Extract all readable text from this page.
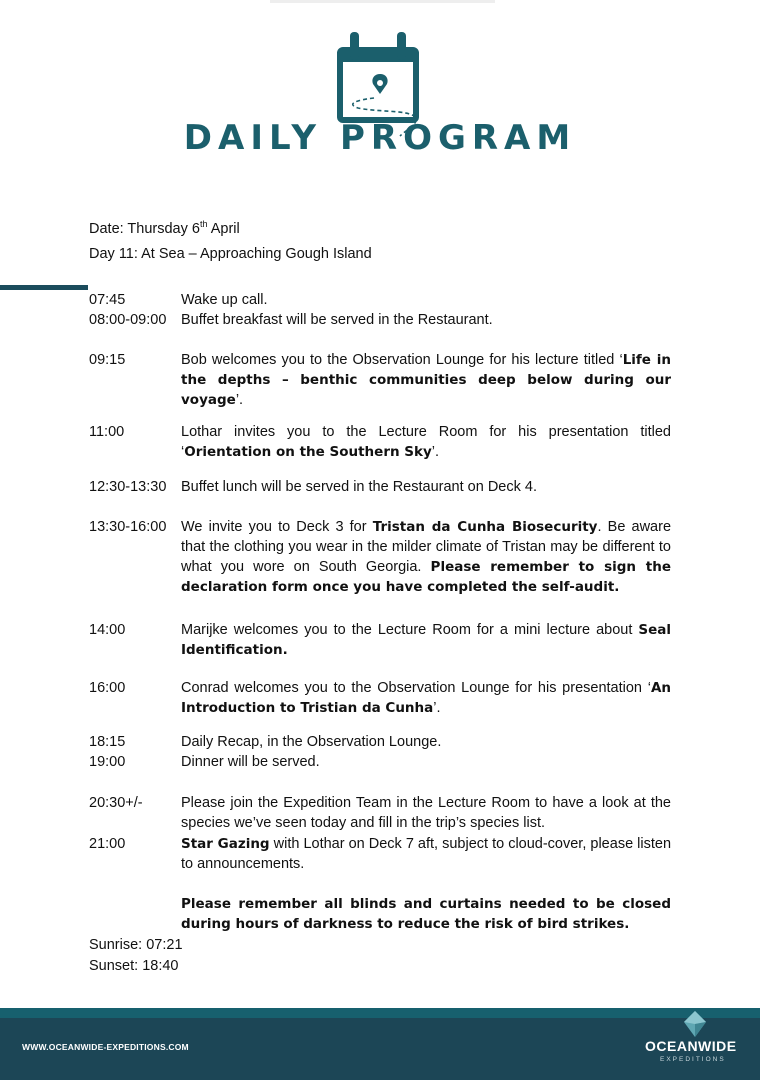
DAILY PROGRAM
Date: Thursday 6th April
Day 11: At Sea – Approaching Gough Island
07:45	Wake up call.
08:00-09:00	Buffet breakfast will be served in the Restaurant.
09:15	Bob welcomes you to the Observation Lounge for his lecture titled ‘Life in the depths – benthic communities deep below during our voyage’.
11:00	Lothar invites you to the Lecture Room for his presentation titled ‘Orientation on the Southern Sky’.
12:30-13:30	Buffet lunch will be served in the Restaurant on Deck 4.
13:30-16:00	We invite you to Deck 3 for Tristan da Cunha Biosecurity. Be aware that the clothing you wear in the milder climate of Tristan may be different to what you wore on South Georgia. Please remember to sign the declaration form once you have completed the self-audit.
14:00	Marijke welcomes you to the Lecture Room for a mini lecture about Seal Identification.
16:00	Conrad welcomes you to the Observation Lounge for his presentation ‘An Introduction to Tristian da Cunha’.
18:15	Daily Recap, in the Observation Lounge.
19:00	Dinner will be served.
20:30+/-	Please join the Expedition Team in the Lecture Room to have a look at the species we’ve seen today and fill in the trip’s species list.
21:00	Star Gazing with Lothar on Deck 7 aft, subject to cloud-cover, please listen to announcements.
Please remember all blinds and curtains needed to be closed during hours of darkness to reduce the risk of bird strikes.
Sunrise: 07:21
Sunset: 18:40
WWW.OCEANWIDE-EXPEDITIONS.COM	OCEANWIDE
EXPEDITIONS
